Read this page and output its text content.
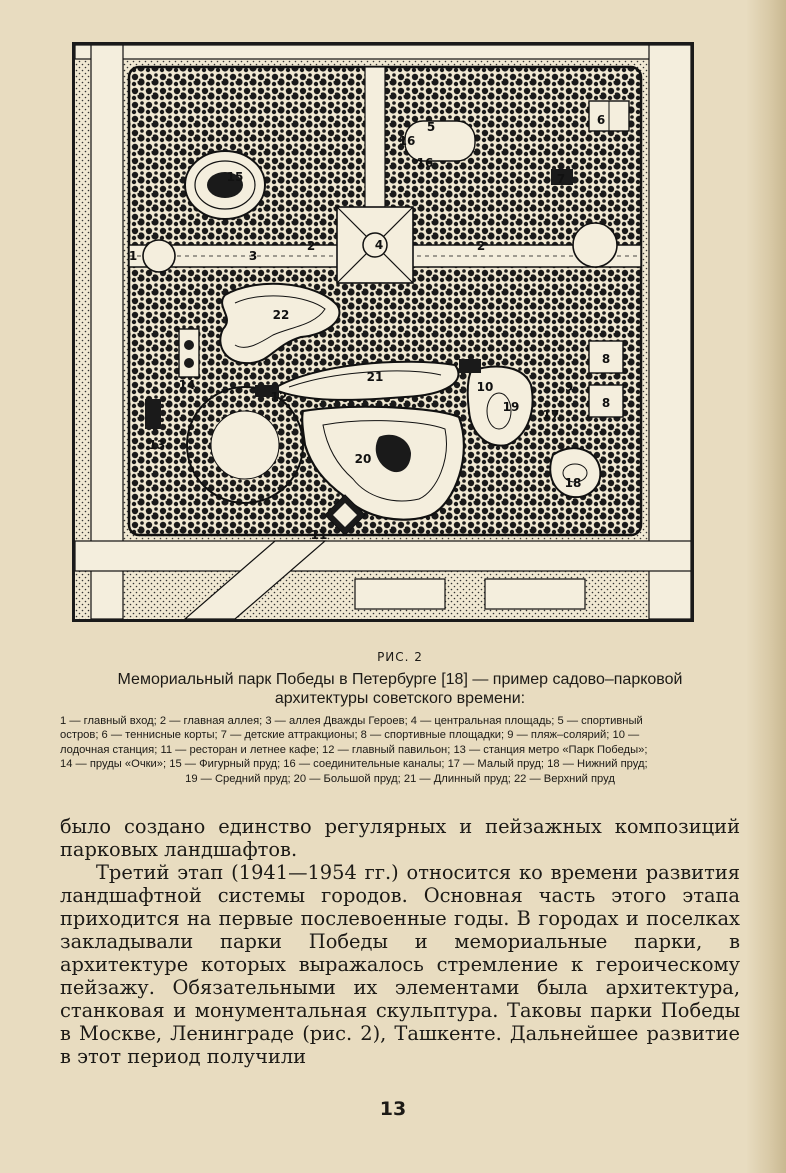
1
2	2
3
4
5	6
7
8
8
9
10
11
12
13
14
15
16
16
17
18
19
20
21
22
РИС. 2

Мемориальный парк Победы в Петербурге [18] — пример садово–парковой
архитектуры советского времени:

1 — главный вход; 2 — главная аллея; 3 — аллея Дважды Героев; 4 — центральная площадь; 5 — спортивный
остров; 6 — теннисные корты; 7 — детские аттракционы; 8 — спортивные площадки; 9 — пляж–солярий; 10 —
лодочная станция; 11 — ресторан и летнее кафе; 12 — главный павильон; 13 — станция метро «Парк Победы»;
14 — пруды «Очки»; 15 — Фигурный пруд; 16 — соединительные каналы; 17 — Малый пруд; 18 — Нижний пруд;
19 — Средний пруд; 20 — Большой пруд; 21 — Длинный пруд; 22 — Верхний пруд

было создано единство регулярных и пейзажных композиций парковых ландшафтов.

Третий этап (1941—1954 гг.) относится ко времени развития ландшафтной системы городов. Основная часть этого этапа приходится на первые послевоенные годы. В городах и поселках закладывали парки Победы и мемориальные парки, в архитектуре которых выражалось стремление к героическому пейзажу. Обязательными их элементами была архитектура, станковая и монументальная скульптура. Таковы парки Победы в Москве, Ленинграде (рис. 2), Ташкенте. Дальнейшее развитие в этот период получили

13
